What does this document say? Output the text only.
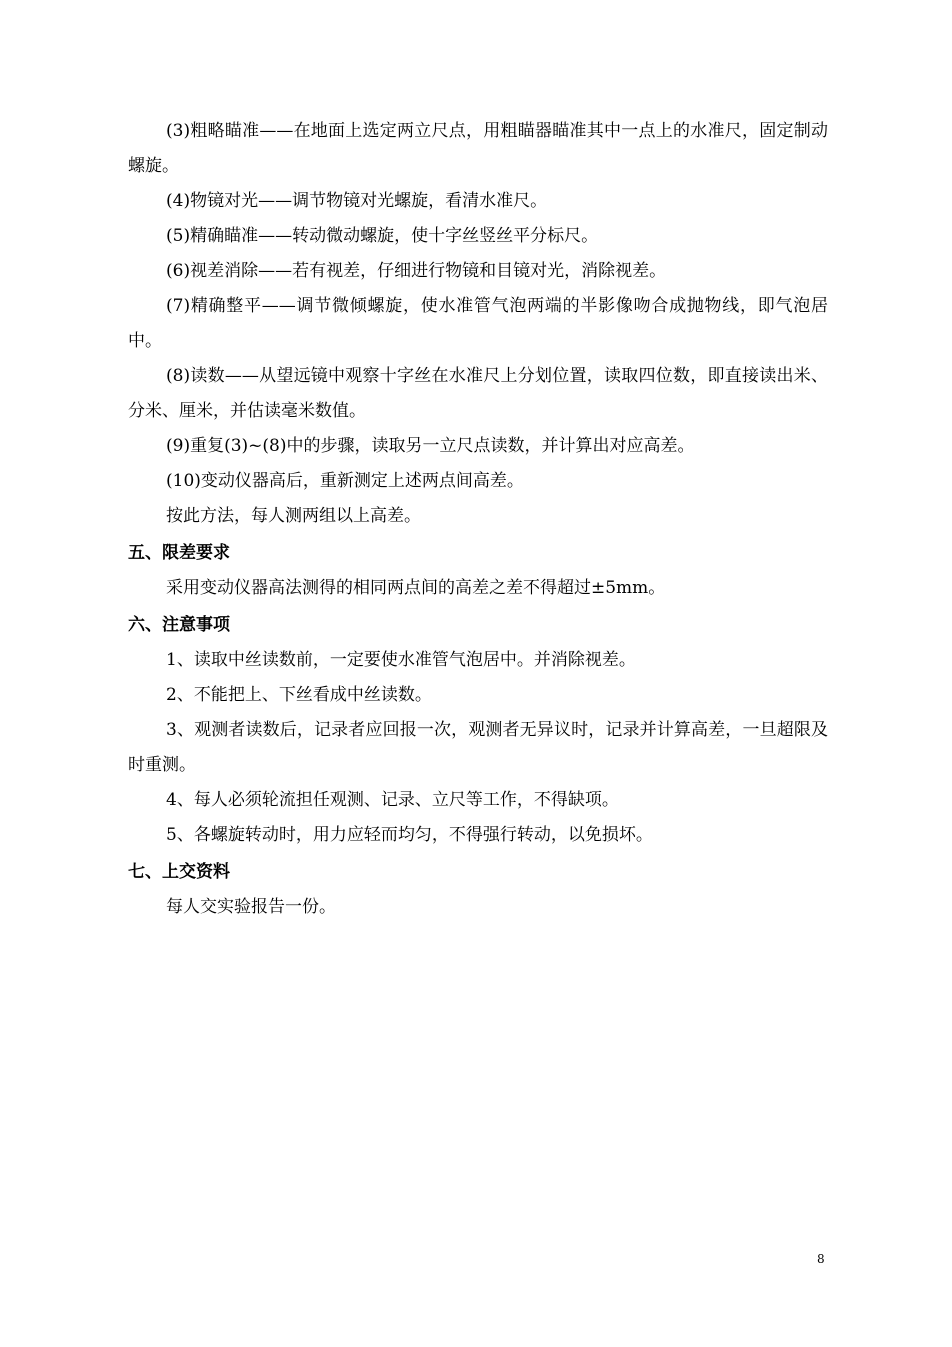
(3)粗略瞄准——在地面上选定两立尺点，用粗瞄器瞄准其中一点上的水准尺，固定制动螺旋。

(4)物镜对光——调节物镜对光螺旋，看清水准尺。

(5)精确瞄准——转动微动螺旋，使十字丝竖丝平分标尺。

(6)视差消除——若有视差，仔细进行物镜和目镜对光，消除视差。

(7)精确整平——调节微倾螺旋，使水准管气泡两端的半影像吻合成抛物线，即气泡居中。

(8)读数——从望远镜中观察十字丝在水准尺上分划位置，读取四位数，即直接读出米、分米、厘米，并估读毫米数值。

(9)重复(3)~(8)中的步骤，读取另一立尺点读数，并计算出对应高差。

(10)变动仪器高后，重新测定上述两点间高差。

按此方法，每人测两组以上高差。

五、限差要求

采用变动仪器高法测得的相同两点间的高差之差不得超过±5mm。

六、注意事项

1、读取中丝读数前，一定要使水准管气泡居中。并消除视差。

2、不能把上、下丝看成中丝读数。

3、观测者读数后，记录者应回报一次，观测者无异议时，记录并计算高差，一旦超限及时重测。

4、每人必须轮流担任观测、记录、立尺等工作，不得缺项。

5、各螺旋转动时，用力应轻而均匀，不得强行转动，以免损坏。

七、上交资料

每人交实验报告一份。

8
